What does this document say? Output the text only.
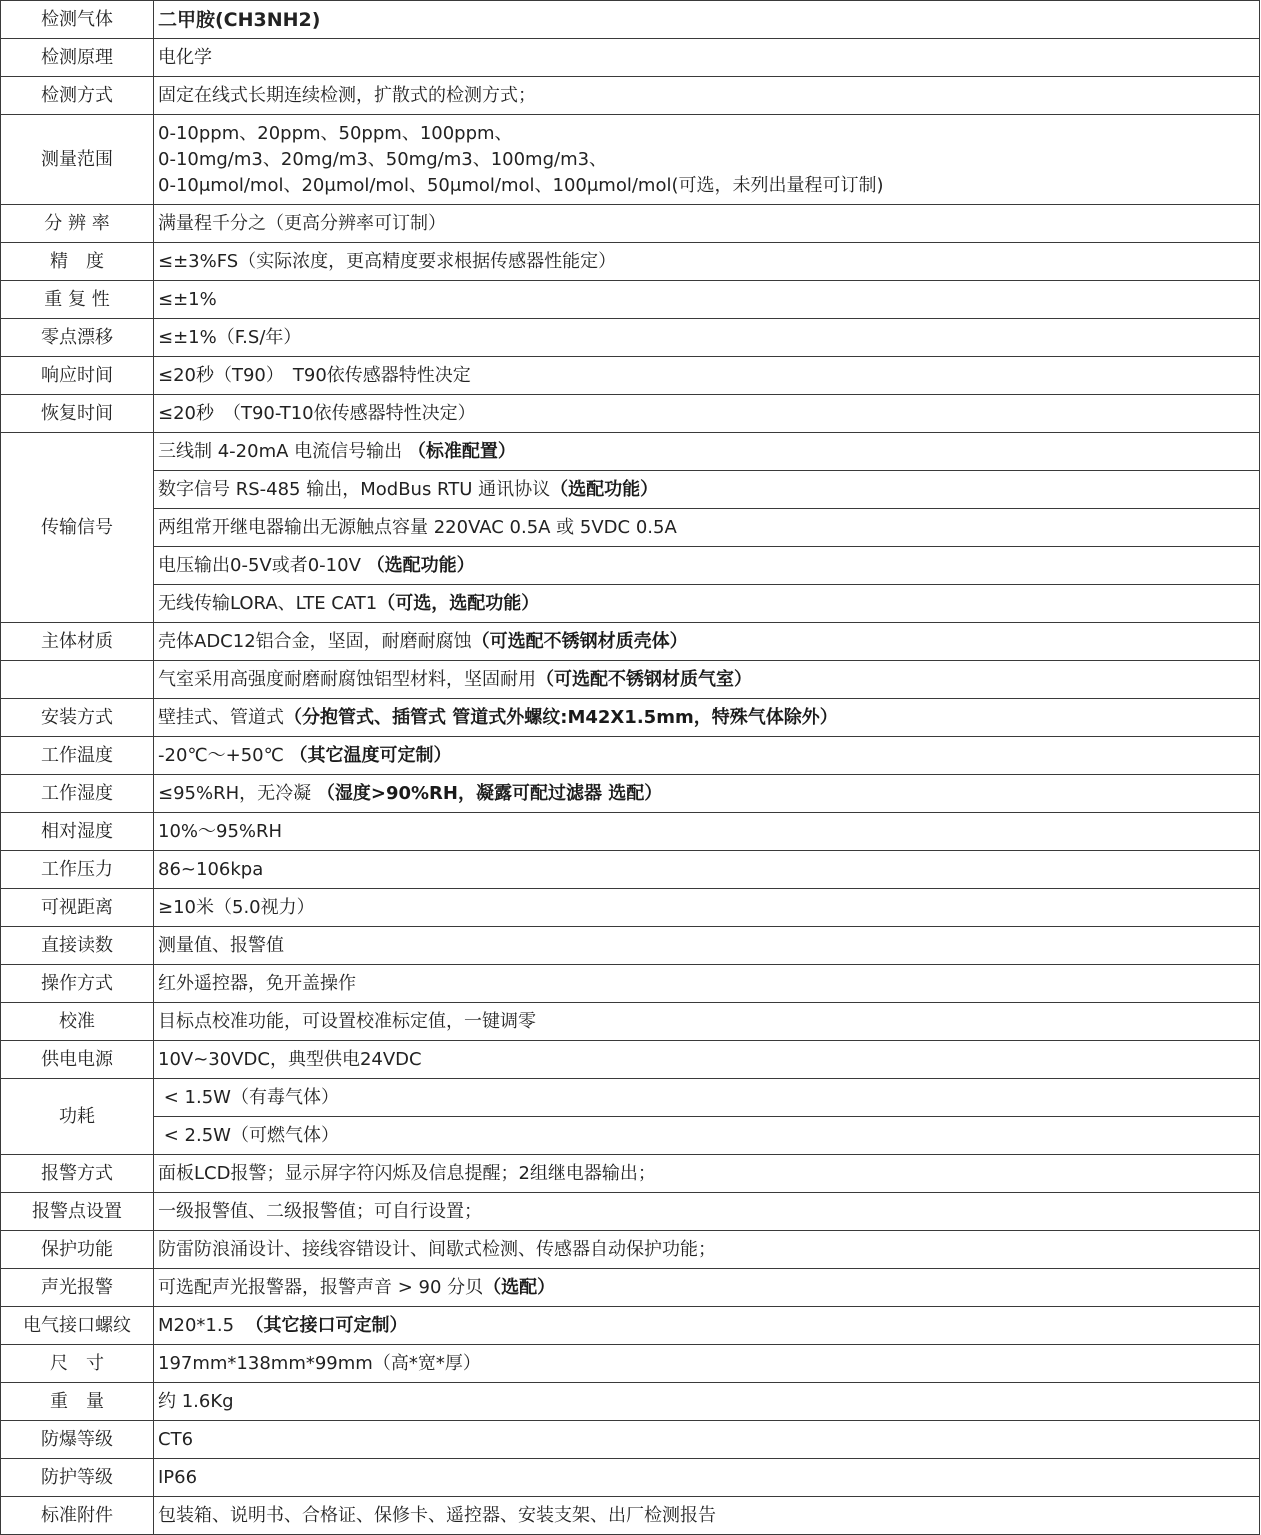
检测气体	二甲胺(CH3NH2)
检测原理	电化学
检测方式	固定在线式长期连续检测，扩散式的检测方式；
测量范围	0-10ppm、20ppm、50ppm、100ppm、
0-10mg/m3、20mg/m3、50mg/m3、100mg/m3、
0-10μmol/mol、20μmol/mol、50μmol/mol、100μmol/mol(可选，未列出量程可订制)

分 辨 率	满量程千分之（更高分辨率可订制）
精　度	≤±3%FS（实际浓度，更高精度要求根据传感器性能定）
重 复 性	≤±1%
零点漂移	≤±1%（F.S/年）
响应时间	≤20秒（T90）　T90依传感器特性决定
恢复时间	≤20秒　（T90-T10依传感器特性决定）
传输信号	三线制 4-20mA 电流信号输出 （标准配置）
	数字信号 RS-485 输出，ModBus RTU 通讯协议（选配功能）
	两组常开继电器输出无源触点容量 220VAC 0.5A 或 5VDC 0.5A
	电压输出0-5V或者0-10V （选配功能）
	无线传输LORA、LTE CAT1（可选，选配功能）
主体材质	壳体ADC12铝合金，坚固，耐磨耐腐蚀（可选配不锈钢材质壳体）
	气室采用高强度耐磨耐腐蚀铝型材料，坚固耐用（可选配不锈钢材质气室）
安装方式	壁挂式、管道式（分抱管式、插管式 管道式外螺纹:M42X1.5mm，特殊气体除外）
工作温度	-20℃～+50℃ （其它温度可定制）
工作湿度	≤95%RH，无冷凝 （湿度>90%RH，凝露可配过滤器 选配）
相对湿度	10%～95%RH
工作压力	86~106kpa
可视距离	≥10米（5.0视力）
直接读数	测量值、报警值
操作方式	红外遥控器，免开盖操作
校准	目标点校准功能，可设置校准标定值，一键调零
供电电源	10V~30VDC，典型供电24VDC
功耗	< 1.5W（有毒气体）
	< 2.5W（可燃气体）
报警方式	面板LCD报警；显示屏字符闪烁及信息提醒；2组继电器输出；
报警点设置	一级报警值、二级报警值；可自行设置；
保护功能	防雷防浪涌设计、接线容错设计、间歇式检测、传感器自动保护功能；
声光报警	可选配声光报警器，报警声音 > 90 分贝（选配）
电气接口螺纹	M20*1.5  （其它接口可定制）
尺　寸	197mm*138mm*99mm（高*宽*厚）
重　量	约 1.6Kg
防爆等级	CT6
防护等级	IP66
标准附件	包装箱、说明书、合格证、保修卡、遥控器、安装支架、出厂检测报告
